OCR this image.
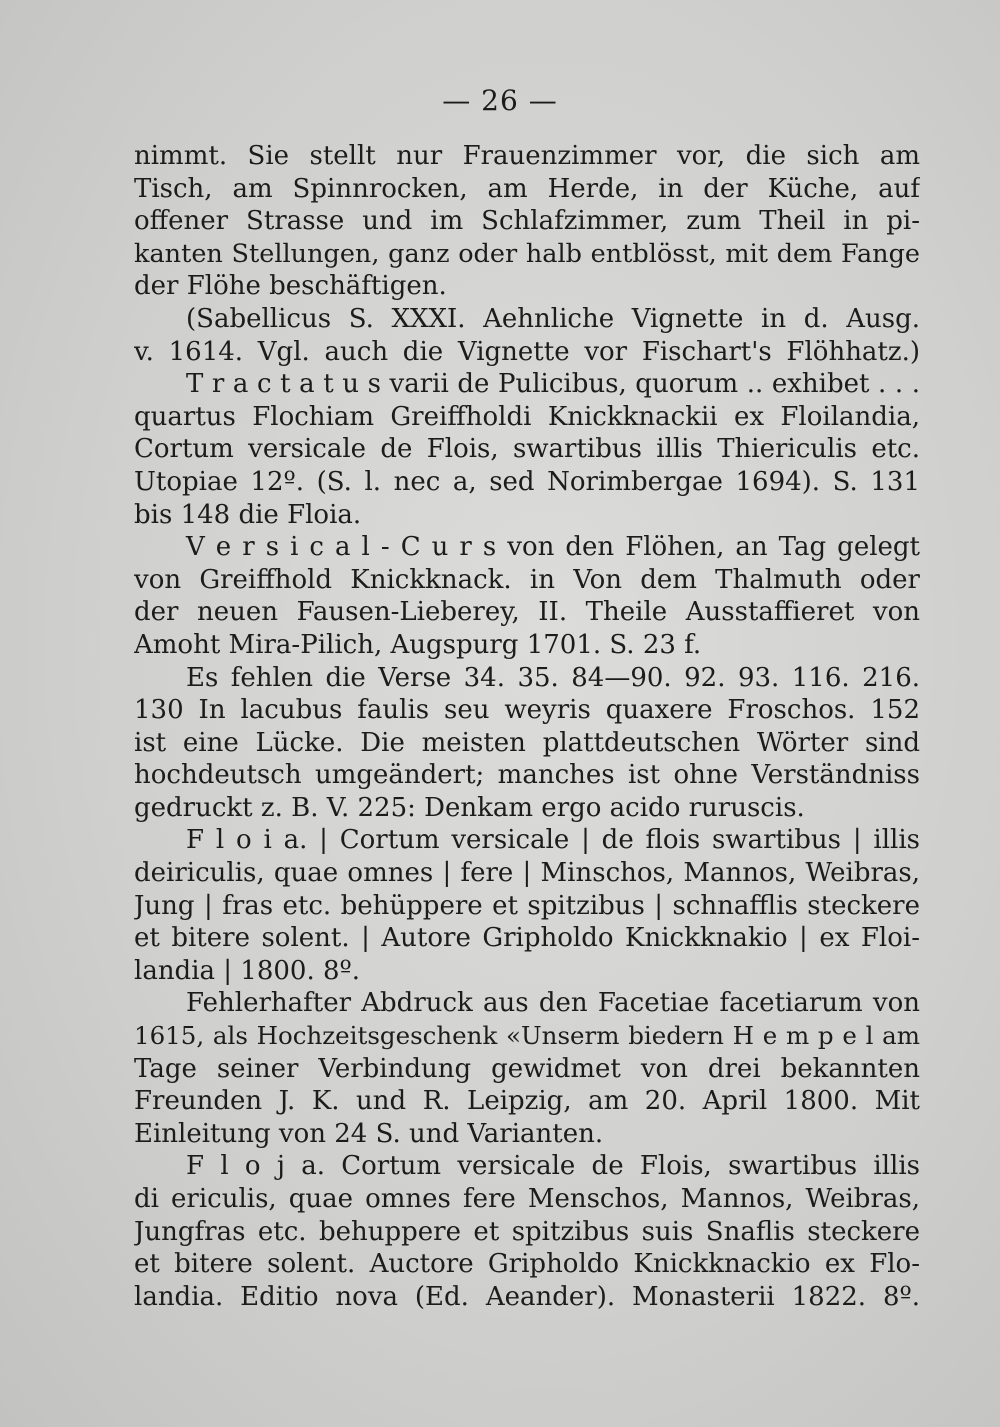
— 26 —
nimmt. Sie stellt nur Frauenzimmer vor, die sich am
Tisch, am Spinnrocken, am Herde, in der Küche, auf
offener Strasse und im Schlafzimmer, zum Theil in pi-
kanten Stellungen, ganz oder halb entblösst, mit dem Fange
der Flöhe beschäftigen.
(Sabellicus S. XXXI. Aehnliche Vignette in d. Ausg.
v. 1614. Vgl. auch die Vignette vor Fischart's Flöhhatz.)
T r a c t a t u s varii de Pulicibus, quorum .. exhibet . . .
quartus Flochiam Greiffholdi Knickknackii ex Floilandia,
Cortum versicale de Flois, swartibus illis Thiericulis etc.
Utopiae 12º. (S. l. nec a, sed Norimbergae 1694). S. 131
bis 148 die Floia.
V e r s i c a l - C u r s von den Flöhen, an Tag gelegt
von Greiffhold Knickknack. in Von dem Thalmuth oder
der neuen Fausen-Lieberey, II. Theile Ausstaffieret von
Amoht Mira-Pilich, Augspurg 1701. S. 23 f.
Es fehlen die Verse 34. 35. 84—90. 92. 93. 116. 216.
130 In lacubus faulis seu weyris quaxere Froschos. 152
ist eine Lücke. Die meisten plattdeutschen Wörter sind
hochdeutsch umgeändert; manches ist ohne Verständniss
gedruckt z. B. V. 225: Denkam ergo acido ruruscis.
F l o i a. | Cortum versicale | de flois swartibus | illis
deiriculis, quae omnes | fere | Minschos, Mannos, Weibras,
Jung | fras etc. behüppere et spitzibus | schnafflis steckere
et bitere solent. | Autore Gripholdo Knickknakio | ex Floi-
landia | 1800. 8º.
Fehlerhafter Abdruck aus den Facetiae facetiarum von
1615, als Hochzeitsgeschenk «Unserm biedern H e m p e l am
Tage seiner Verbindung gewidmet von drei bekannten
Freunden J. K. und R. Leipzig, am 20. April 1800. Mit
Einleitung von 24 S. und Varianten.
F l o j a. Cortum versicale de Flois, swartibus illis
di ericulis, quae omnes fere Menschos, Mannos, Weibras,
Jungfras etc. behuppere et spitzibus suis Snaflis steckere
et bitere solent. Auctore Gripholdo Knickknackio ex Flo-
landia. Editio nova (Ed. Aeander). Monasterii 1822. 8º.
